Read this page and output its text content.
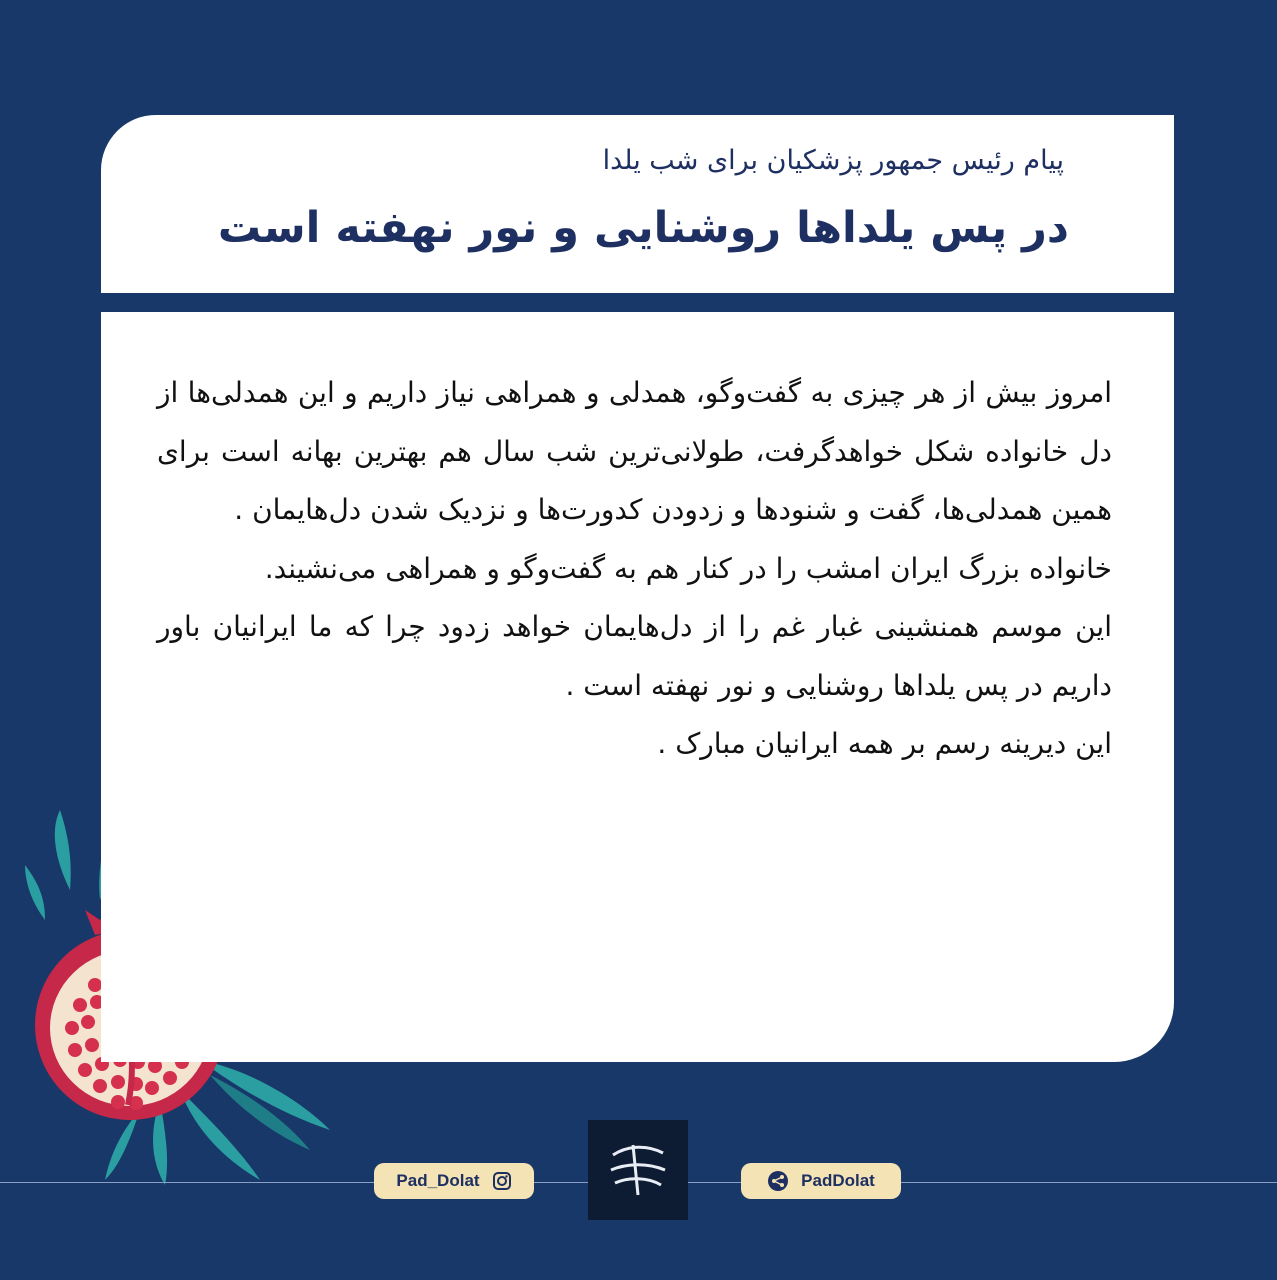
پیام رئیس جمهور پزشکیان برای شب یلدا
در پس یلداها روشنایی و نور نهفته است

امروز بیش از هر چیزی به گفت‌وگو، همدلی و همراهی نیاز داریم و این همدلی‌ها از دل خانواده شکل خواهدگرفت، طولانی‌ترین شب سال هم بهترین بهانه است برای همین همدلی‌ها، گفت و شنودها و زدودن کدورت‌ها و نزدیک شدن دل‌هایمان .

خانواده بزرگ ایران امشب را در کنار هم به گفت‌وگو و همراهی می‌نشیند.

این موسم همنشینی غبار غم را از دل‌هایمان خواهد زدود چرا که ما ایرانیان باور داریم در پس یلداها روشنایی و نور نهفته است .

این دیرینه رسم بر همه ایرانیان مبارک .

Pad_Dolat	PadDolat
